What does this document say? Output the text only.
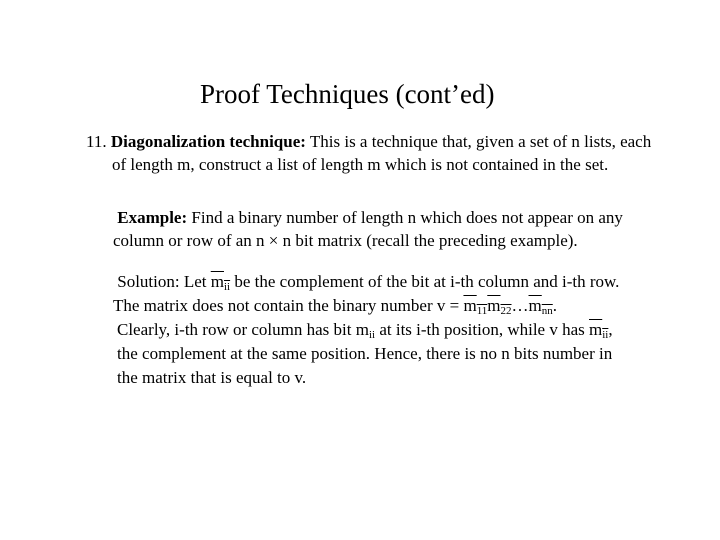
Proof Techniques (cont’ed)
11. Diagonalization technique: This is a technique that, given a set of n lists, each
of length m, construct a list of length m which is not contained in the set.
Example: Find a binary number of length n which does not appear on any
column or row of an n × n bit matrix (recall the preceding example).
Solution: Let $m_{ii}$ be the complement of the bit at i-th column and i-th row.
The matrix does not contain the binary number $v = m_{11}m_{22}\dots m_{nn}$.
Clearly, i-th row or column has bit $m_{ii}$ at its i-th position, while v has $m_{ii}$,
the complement at the same position. Hence, there is no n bits number in
the matrix that is equal to v.
